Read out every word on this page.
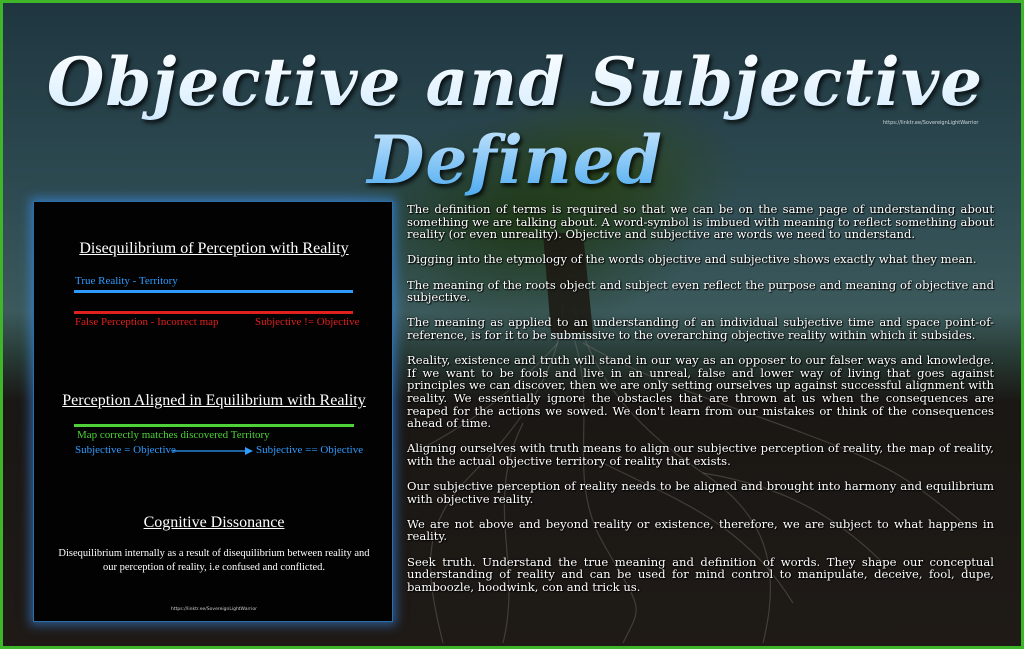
Objective and Subjective Defined	https://linktr.ee/SovereignLightWarrior
Disequilibrium of Perception with Reality
True Reality - Territory
False Perception - Incorrect map	Subjective != Objective
Perception Aligned in Equilibrium with Reality
Map correctly matches discovered Territory
Subjective = Objective	Subjective == Objective
Cognitive Dissonance
Disequilibrium internally as a result of disequilibrium between reality and our perception of reality, i.e confused and conflicted.
https://linktr.ee/SovereignLightWarrior

The definition of terms is required so that we can be on the same page of understanding about something we are talking about. A word-symbol is imbued with meaning to reflect something about reality (or even unreality). Objective and subjective are words we need to understand.

Digging into the etymology of the words objective and subjective shows exactly what they mean.

The meaning of the roots object and subject even reflect the purpose and meaning of objective and subjective.

The meaning as applied to an understanding of an individual subjective time and space point-of-reference, is for it to be submissive to the overarching objective reality within which it subsides.

Reality, existence and truth will stand in our way as an opposer to our falser ways and knowledge. If we want to be fools and live in an unreal, false and lower way of living that goes against principles we can discover, then we are only setting ourselves up against successful alignment with reality. We essentially ignore the obstacles that are thrown at us when the consequences are reaped for the actions we sowed. We don't learn from our mistakes or think of the consequences ahead of time.

Aligning ourselves with truth means to align our subjective perception of reality, the map of reality, with the actual objective territory of reality that exists.

Our subjective perception of reality needs to be aligned and brought into harmony and equilibrium with objective reality.

We are not above and beyond reality or existence, therefore, we are subject to what happens in reality.

Seek truth. Understand the true meaning and definition of words. They shape our conceptual understanding of reality and can be used for mind control to manipulate, deceive, fool, dupe, bamboozle, hoodwink, con and trick us.
